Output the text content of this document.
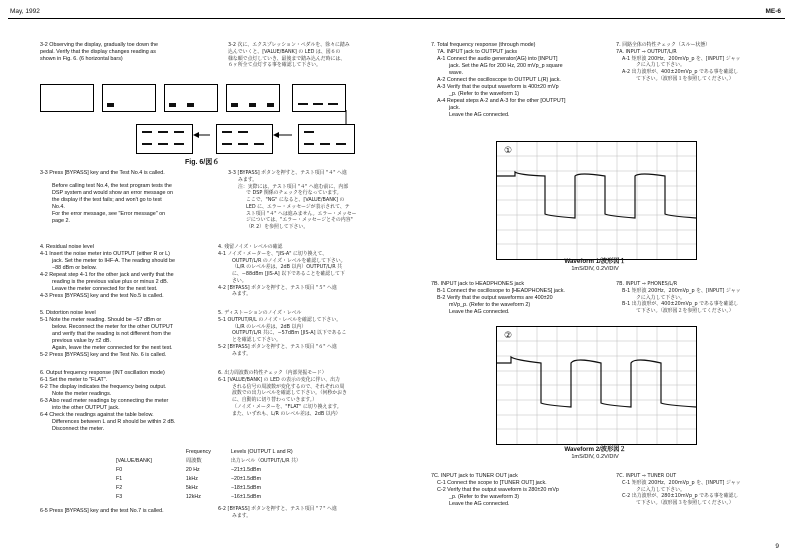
May, 1992	ME-6
9
3-2 Observing the display, gradually toe down the
pedal. Verify that the display changes reading as
shown in Fig. 6. (6 horizontal bars)
3-2 次に、エクスプレッション・ペダルを、徐々に踏み
込んでいくと、[VALUE/BANK] の LED は、図６の
様な順で点灯していき、最後まで踏み込んだ時には、
６ヶ所全て点灯する事を確認して下さい。
Fig. 6/図６
3-3 Press [BYPASS] key and the Test No.4 is called.
Before calling test No.4, the test program tests the
DSP system and would show an error message on
the display if the test fails; and won't go to test
No.4.
For the error message, see "Error message" on
page 2.
3-3 [BYPASS] ボタンを押すと、テスト項目 "４" へ進
みます。
注：実際には、テスト項目 "４" へ進む前に、内部
で DSP 関係のチェックを行なっています。
ここで、"NG" になると、[VALUE/BANK] の
LED に、エラー・メッセージが表示されて、テ
スト項目 "４" へは進みません。エラー・メッセー
ジについては、"エラー・メッセージとその内容"
（P. 2）を参照して下さい。
4. Residual noise level
4-1 Insert the noise meter into OUTPUT (either R or L)
jack. Set the meter to IHF-A. The reading should be
−88 dBm or below.
4-2 Repeat step 4-1 for the other jack and verify that the
reading is the previous value plus or minus 2 dB.
Leave the meter connected for the next test.
4-3 Press [BYPASS] key and the test No.5 is called.
4. 残留ノイズ・レベルの確認
4-1 ノイズ・メーターを、"JIS-A" に切り換えて、
OUTPUT/L/R のノイズ・レベルを確認して下さい。
（L/R のレベル差は、2dB 以内）OUTPUT/L/R 共
に、−88dBm [JIS-A] 以下であることを確認して下
さい。
4-2 [BYPASS] ボタンを押すと、テスト項目 "５" へ進
みます。
5. Distortion noise level
5-1 Note the meter reading. Should be −57 dBm or
below. Reconnect the meter for the other OUTPUT
and verify that the reading is not different from the
previous value by ±2 dB.
Again, leave the meter connected for the next test.
5-2 Press [BYPASS] key and the Test No. 6 is called.
5. ディストーションのノイズ・レベル
5-1 OUTPUT/R/L のノイズ・レベルを確認して下さい。
（L/R のレベル差は、2dB 以内）
OUTPUT/L/R 共に、−57dBm [JIS-A] 以下であるこ
とを確認して下さい。
5-2 [BYPASS] ボタンを押すと、テスト項目 "６" へ進
みます。
6. Output frequency response (INT oscillation mode)
6-1 Set the meter to "FLAT".
6-2 The display indicates the frequency being output.
Note the meter readings.
6-3 Also read meter readings by connecting the meter
into the other OUTPUT jack.
6-4 Check the readings against the table below.
Differences between L and R should be within 2 dB.
Disconnect the meter.
6. 出力周波数の特性チェック（内部発振モード）
6-1 [VALUE/BANK] の LED の表示の変化に伴い、出力
される信号の周波数が変化するので、それぞれの周
波数での出力レベルを確認して下さい。（何秒かおき
に、自動的に切り替わっていきます。）
（ノイズ・メーターを、"FLAT" に切り換えます。
また、いずれも、L/R のレベル差は、2dB 以内）
	Frequency	Levels (OUTPUT L and R)
[VALUE/BANK]	周波数	出力レベル（OUTPUT/L/R 共）
F0	20 Hz	−21±1.5dBm
F1	1kHz	−20±1.5dBm
F2	5kHz	−18±1.5dBm
F3	12kHz	−16±1.5dBm
6-5 Press [BYPASS] key and the test No.7 is called.	6-2 [BYPASS] ボタンを押すと、テスト項目 "７" へ進
みます。
7. Total frequency response (through mode)
7A. INPUT jack to OUTPUT jacks
A-1 Connect the audio generator(AG) into [INPUT]
jack. Set the AG for 200 Hz, 200 mVp_p square
wave.
A-2 Connect the oscilloscope to OUTPUT L(R) jack.
A-3 Verify that the output waveform is 400±20 mVp
_p. (Refer to the waveform 1)
A-4 Repeat steps A-2 and A-3 for the other [OUTPUT]
jack.
Leave the AG connected.
7. 回路全体の特性チェック（スルー状態）
7A. INPUT ⇒ OUTPUT/L/R
A-1 矩形波 200Hz、200mVp_p を、[INPUT] ジャッ
クに入力して下さい。
A-2 出力波形が、400±20mVp_p である事を確認し
て下さい。（波形図１を参照してください。）
①
Waveform 1/波形図１
1mS/DIV, 0.2V/DIV
7B. INPUT jack to HEADPHONES jack
B-1 Connect the oscillosope to [HEADPHONES] jack.
B-2 Verify that the output waveforms are 400±20
mVp_p. (Refer to the waveform 2)
Leave the AG connected.
7B. INPUT ⇒ PHONES/L/R
B-1 矩形波 200Hz、200mVp_p を、[INPUT] ジャッ
クに入力して下さい。
B-1 出力波形が、400±20mVp_p である事を確認し
て下さい。（波形図２を参照してください。）
②
Waveform 2/波形図２
1mS/DIV, 0.2V/DIV
7C. INPUT jack to TUNER OUT jack
C-1 Connect the scope to [TUNER OUT] jack.
C-2 Verify that the output waveform is 280±20 mVp
_p. (Refer to the waveform 3)
Leave the AG connected.
7C. INPUT ⇒ TUNER OUT
C-1 矩形波 200Hz、200mVp_p を、[INPUT] ジャッ
クに入力して下さい。
C-2 出力波形が、280±10mVp_p である事を確認し
て下さい。（波形図３を参照してください。）
